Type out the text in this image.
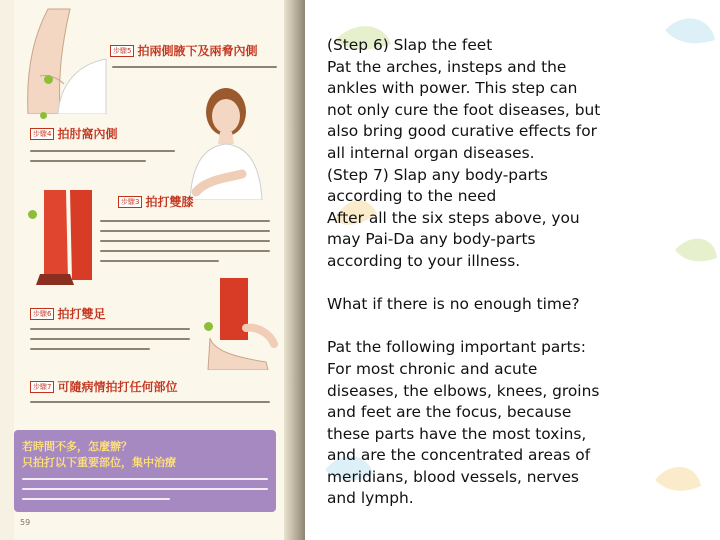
步驟5 拍兩側腋下及兩脅內側
步驟4 拍肘窩內側
步驟3 拍打雙膝
步驟6 拍打雙足
步驟7 可隨病情拍打任何部位
若時間不多，怎麼辦？
只拍打以下重要部位，集中治療
59

(Step 6) Slap the feet
Pat the arches, insteps and the
ankles with power. This step can
not only cure the foot diseases, but
also bring good curative effects for
all internal organ diseases.
(Step 7) Slap any body-parts
according to the need
After all the six steps above, you
may Pai-Da any body-parts
according to your illness.

What if there is no enough time?

Pat the following important parts:
For most chronic and acute
diseases, the elbows, knees, groins
and feet are the focus, because
these parts have the most toxins,
and are the concentrated areas of
meridians, blood vessels, nerves
and lymph.
